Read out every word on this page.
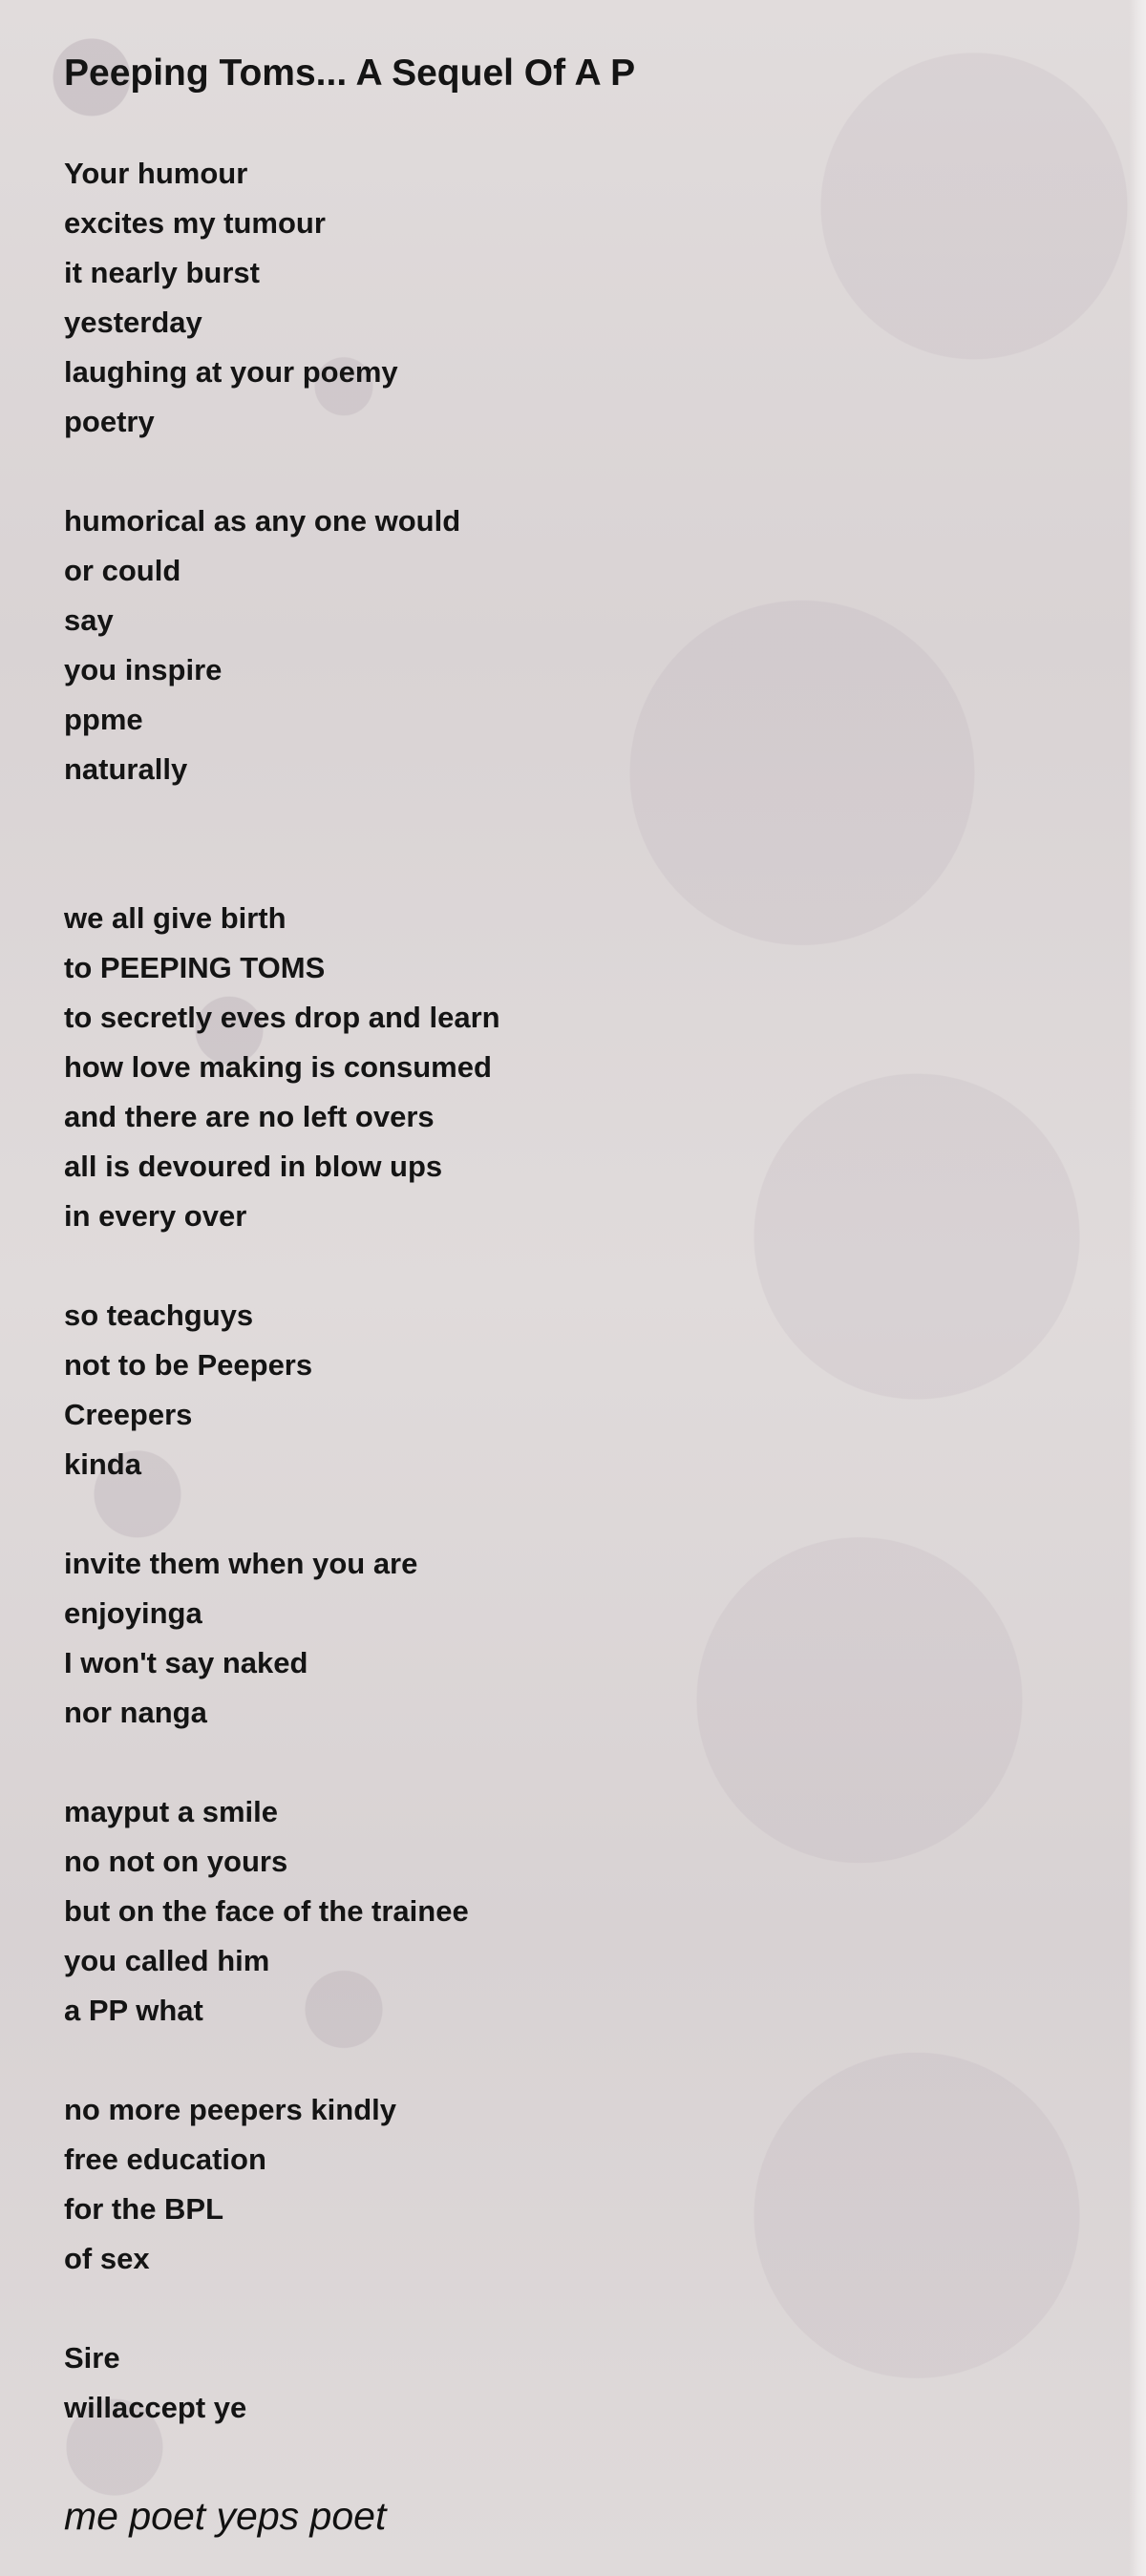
Peeping Toms... A Sequel Of A P
Your humour
excites my tumour
it nearly burst
yesterday
laughing at your poemy
poetry
humorical as any one would
or could
say
you inspire
ppme
naturally
we all give birth
to PEEPING TOMS
to secretly eves drop and learn
how love making is consumed
and there are no left overs
all is devoured in blow ups
in every over
so teachguys
not to be Peepers
Creepers
kinda
invite them when you are
enjoyinga
I won't say naked
nor nanga
mayput a smile
no not on yours
but on the face of the trainee
you called him
a PP what
no more peepers kindly
free education
for the BPL
of sex
Sire
willaccept ye
me poet yeps poet
